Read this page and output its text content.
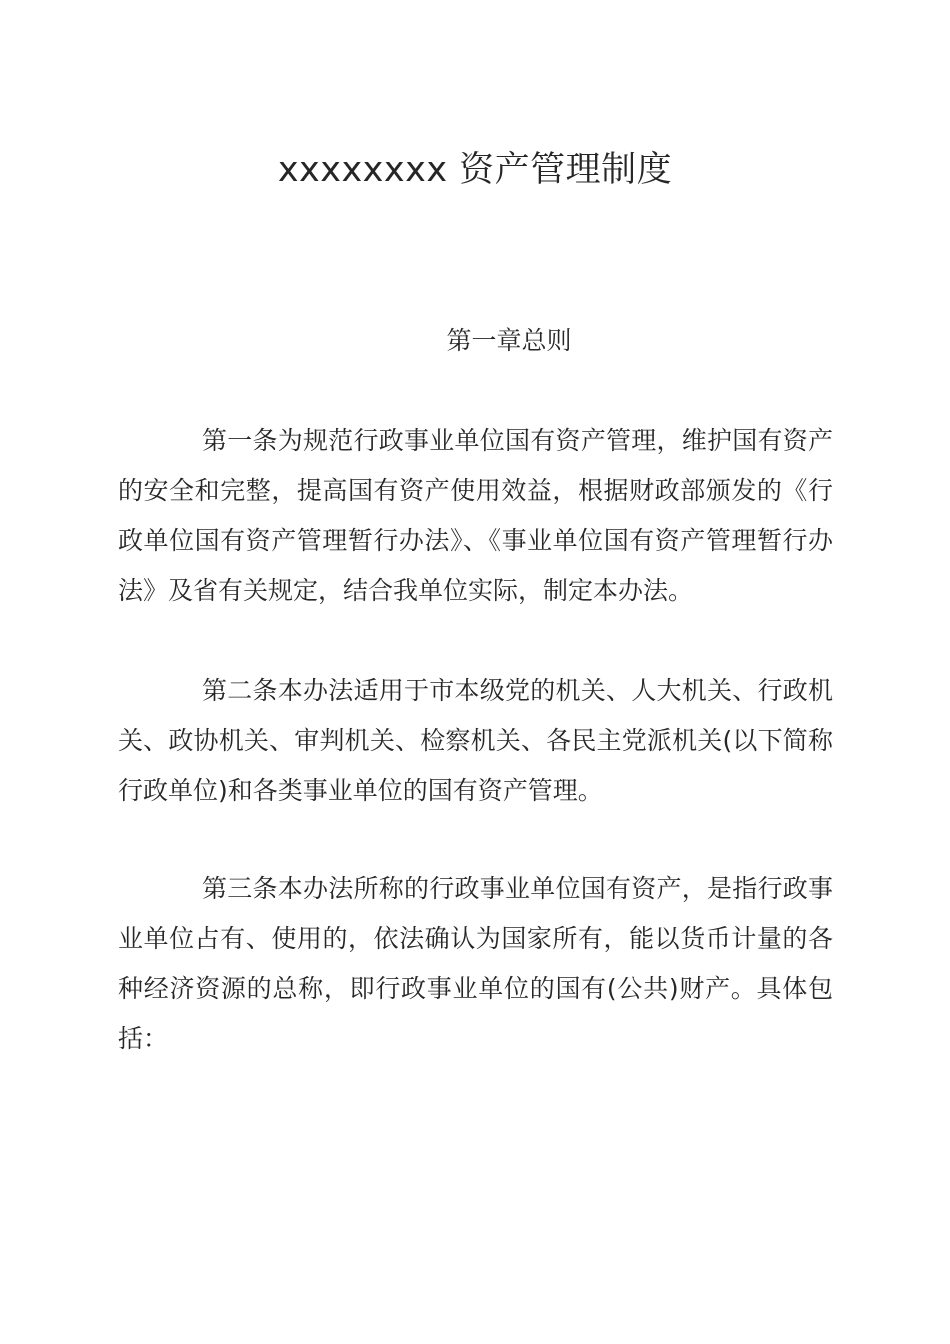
xxxxxxxx 资产管理制度
第一章总则

第一条为规范行政事业单位国有资产管理，维护国有资产的安全和完整，提高国有资产使用效益，根据财政部颁发的《行政单位国有资产管理暂行办法》、《事业单位国有资产管理暂行办法》及省有关规定，结合我单位实际，制定本办法。

第二条本办法适用于市本级党的机关、人大机关、行政机关、政协机关、审判机关、检察机关、各民主党派机关(以下简称行政单位)和各类事业单位的国有资产管理。

第三条本办法所称的行政事业单位国有资产，是指行政事业单位占有、使用的，依法确认为国家所有，能以货币计量的各种经济资源的总称，即行政事业单位的国有(公共)财产。具体包括：
